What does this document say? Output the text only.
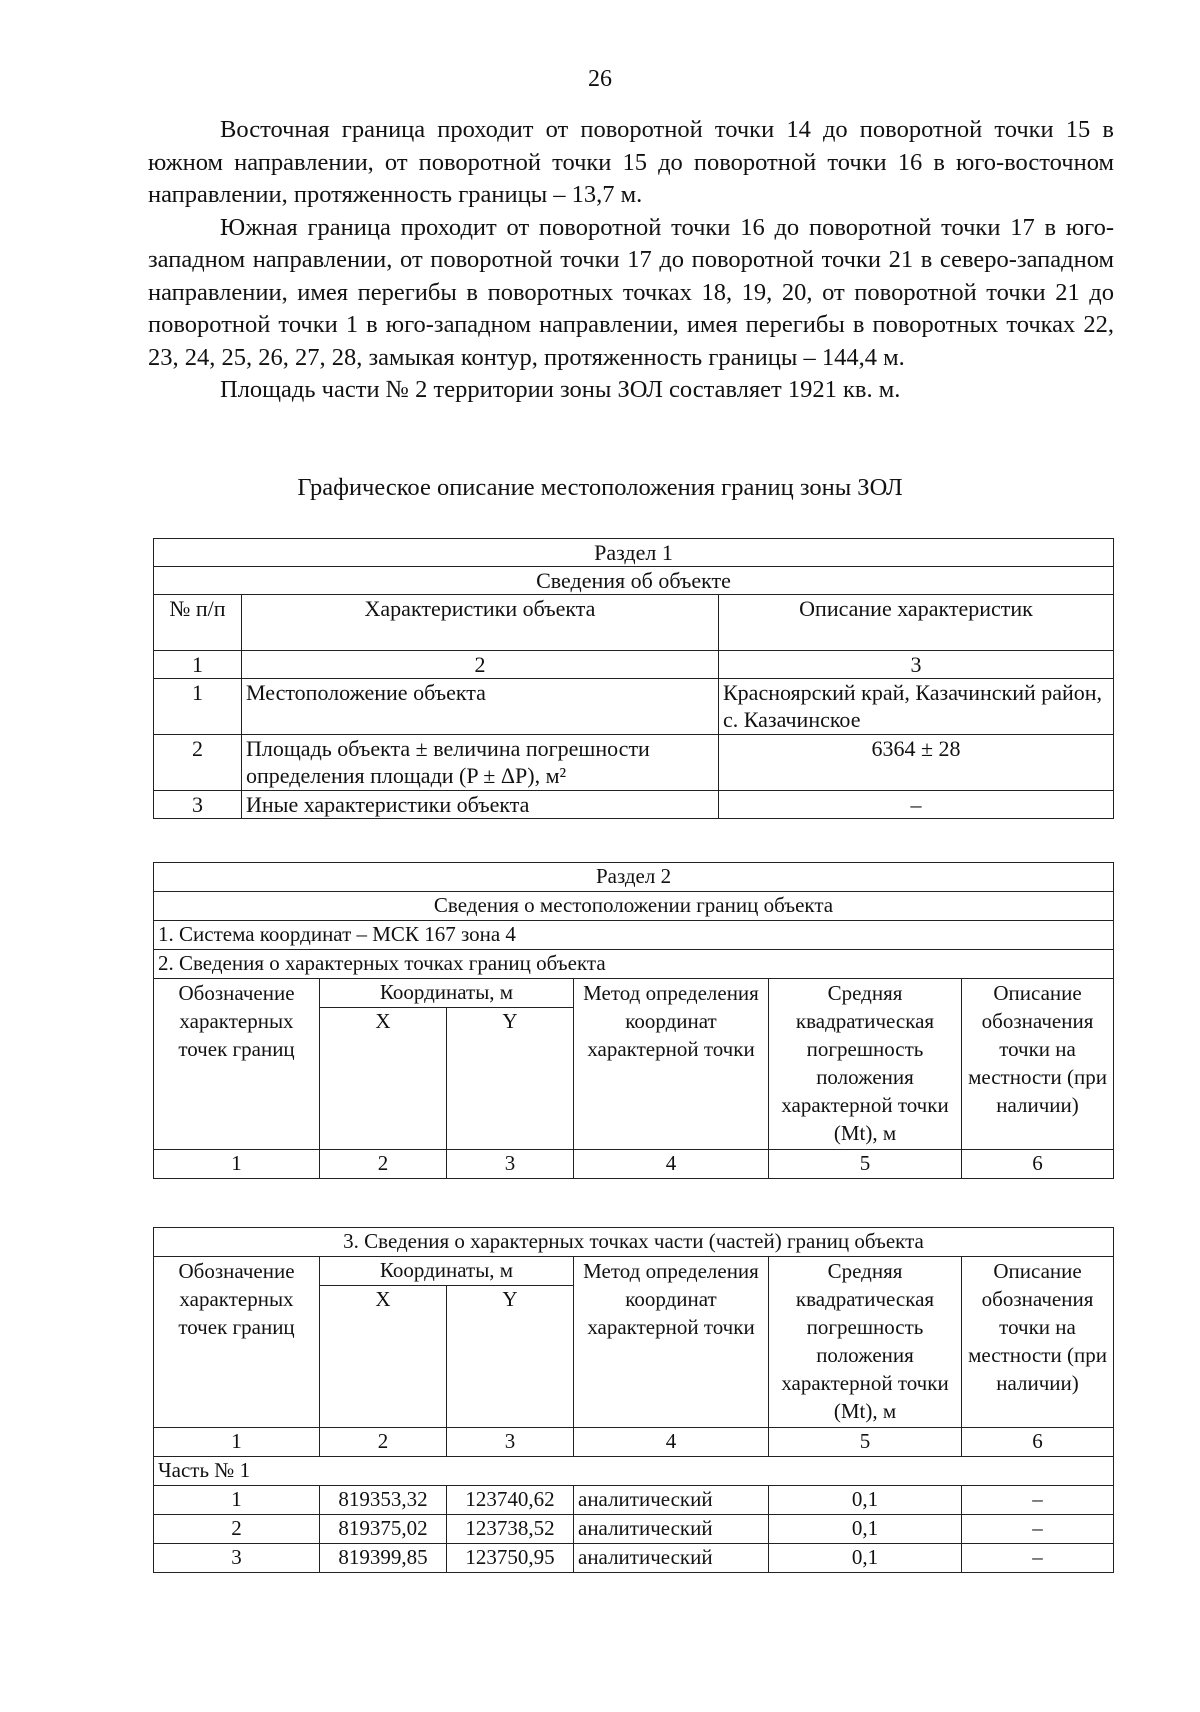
26

Восточная граница проходит от поворотной точки 14 до поворотной точки 15 в южном направлении, от поворотной точки 15 до поворотной точки 16 в юго-восточном направлении, протяженность границы – 13,7 м.

Южная граница проходит от поворотной точки 16 до поворотной точки 17 в юго-западном направлении, от поворотной точки 17 до поворотной точки 21 в северо-западном направлении, имея перегибы в поворотных точках 18, 19, 20, от поворотной точки 21 до поворотной точки 1 в юго-западном направлении, имея перегибы в поворотных точках 22, 23, 24, 25, 26, 27, 28, замыкая контур, протяженность границы – 144,4 м.

Площадь части № 2 территории зоны ЗОЛ составляет 1921 кв. м.

Графическое описание местоположения границ зоны ЗОЛ
Раздел 1		
Сведения об объекте		
№ п/п	Характеристики объекта	Описание характеристик
1	2	3
1	Местоположение объекта	Красноярский край, Казачинский район, с. Казачинское
2	Площадь объекта ± величина погрешности определения площади (P ± ΔP), м²	6364 ± 28
3	Иные характеристики объекта	–
Раздел 2					
Сведения о местоположении границ объекта					
1. Система координат – МСК 167 зона 4					
2. Сведения о характерных точках границ объекта					
Обозначение характерных точек границ	Координаты, м		Метод определения координат характерной точки	Средняя квадратическая погрешность положения характерной точки (Mt), м	Описание обозначения точки на местности (при наличии)
	X	Y			
1	2	3	4	5	6
3. Сведения о характерных точках части (частей) границ объекта					
Обозначение характерных точек границ	Координаты, м		Метод определения координат характерной точки	Средняя квадратическая погрешность положения характерной точки (Mt), м	Описание обозначения точки на местности (при наличии)
	X	Y			
1	2	3	4	5	6
Часть № 1					
1	819353,32	123740,62	аналитический	0,1	–
2	819375,02	123738,52	аналитический	0,1	–
3	819399,85	123750,95	аналитический	0,1	–
